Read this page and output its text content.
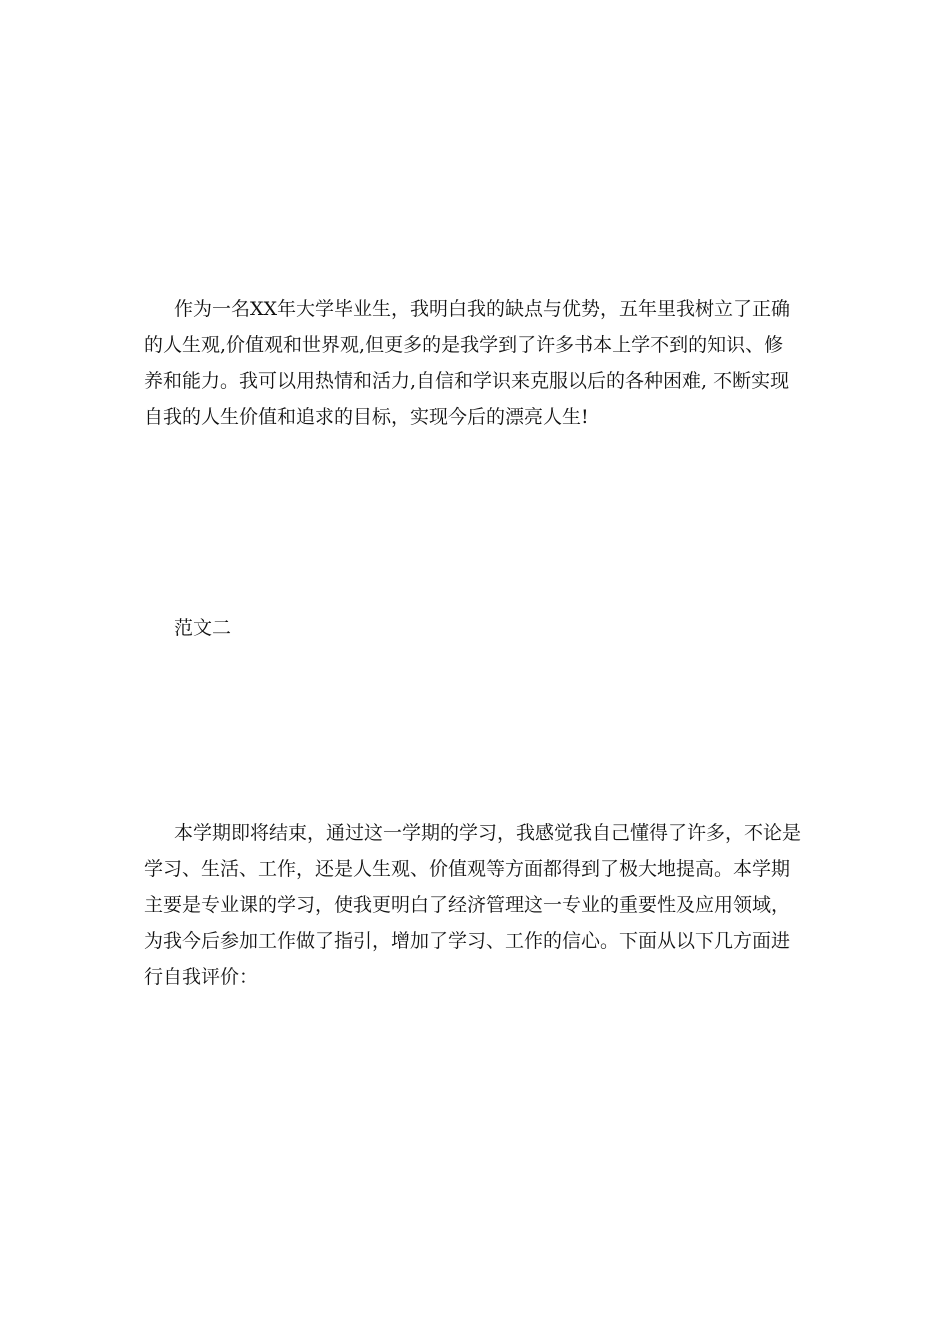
作为一名XX年大学毕业生，我明白我的缺点与优势，五年里我树立了正确
的人生观,价值观和世界观,但更多的是我学到了许多书本上学不到的知识、修
养和能力。我可以用热情和活力,自信和学识来克服以后的各种困难, 不断实现
自我的人生价值和追求的目标，实现今后的漂亮人生!
范文二
本学期即将结束，通过这一学期的学习，我感觉我自己懂得了许多，不论是
学习、生活、工作，还是人生观、价值观等方面都得到了极大地提高。本学期
主要是专业课的学习，使我更明白了经济管理这一专业的重要性及应用领域，
为我今后参加工作做了指引，增加了学习、工作的信心。下面从以下几方面进
行自我评价：
